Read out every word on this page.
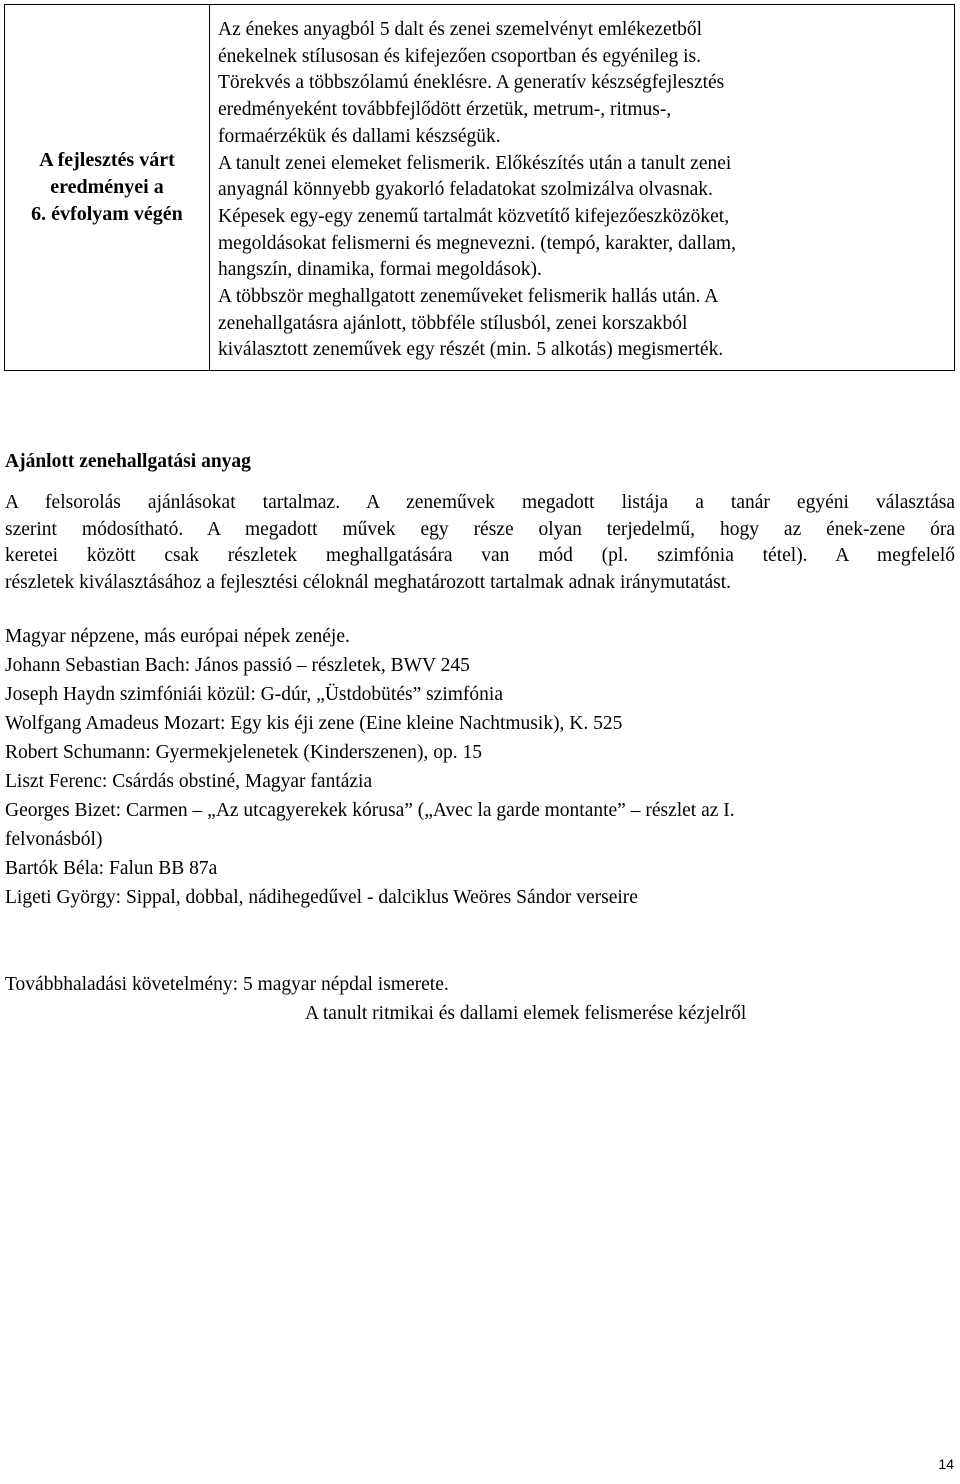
A fejlesztés várt
eredményei a
6. évfolyam végén

Az énekes anyagból 5 dalt és zenei szemelvényt emlékezetből
énekelnek stílusosan és kifejezően csoportban és egyénileg is.
Törekvés a többszólamú éneklésre. A generatív készségfejlesztés
eredményeként továbbfejlődött érzetük, metrum-, ritmus-,
formaérzékük és dallami készségük.
A tanult zenei elemeket felismerik. Előkészítés után a tanult zenei
anyagnál könnyebb gyakorló feladatokat szolmizálva olvasnak.
Képesek egy-egy zenemű tartalmát közvetítő kifejezőeszközöket,
megoldásokat felismerni és megnevezni. (tempó, karakter, dallam,
hangszín, dinamika, formai megoldások).
A többször meghallgatott zeneműveket felismerik hallás után. A
zenehallgatásra ajánlott, többféle stílusból, zenei korszakból
kiválasztott zeneművek egy részét (min. 5 alkotás) megismerték.
Ajánlott zenehallgatási anyag
A felsorolás ajánlásokat tartalmaz. A zeneművek megadott listája a tanár egyéni választása
szerint módosítható. A megadott művek egy része olyan terjedelmű, hogy az ének-zene óra
keretei között csak részletek meghallgatására van mód (pl. szimfónia tétel). A megfelelő
részletek kiválasztásához a fejlesztési céloknál meghatározott tartalmak adnak iránymutatást.
Magyar népzene, más európai népek zenéje.
Johann Sebastian Bach: János passió – részletek, BWV 245
Joseph Haydn szimfóniái közül: G-dúr, „Üstdobütés” szimfónia
Wolfgang Amadeus Mozart: Egy kis éji zene (Eine kleine Nachtmusik), K. 525
Robert Schumann: Gyermekjelenetek (Kinderszenen), op. 15
Liszt Ferenc: Csárdás obstiné, Magyar fantázia
Georges Bizet: Carmen – „Az utcagyerekek kórusa” („Avec la garde montante” – részlet az I.
felvonásból)
Bartók Béla: Falun BB 87a
Ligeti György: Sippal, dobbal, nádihegedűvel - dalciklus Weöres Sándor verseire
Továbbhaladási követelmény: 5 magyar népdal ismerete.
A tanult ritmikai és dallami elemek felismerése kézjelről
14
